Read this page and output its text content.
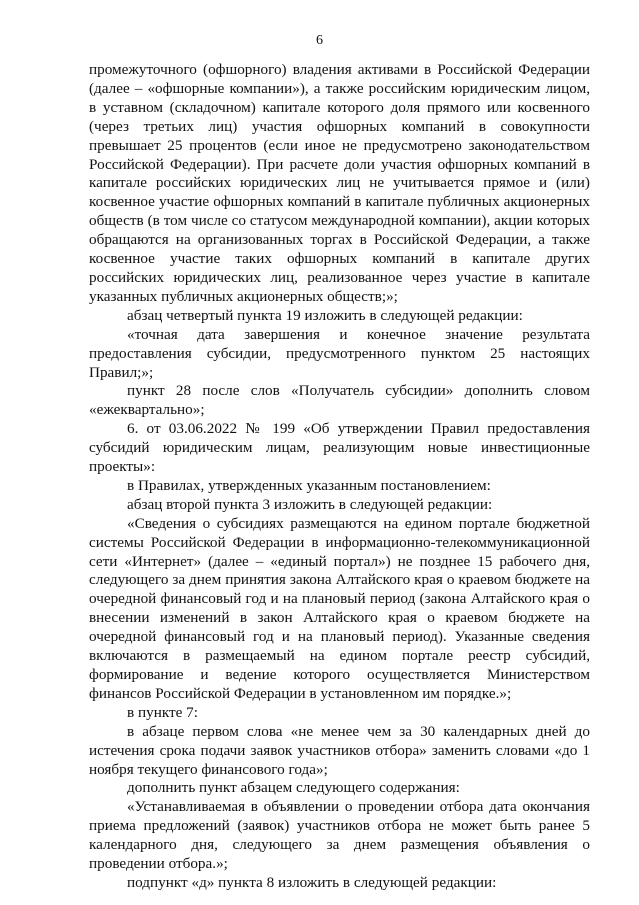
6

промежуточного (офшорного) владения активами в Российской Федерации (далее – «офшорные компании»), а также российским юридическим лицом, в уставном (складочном) капитале которого доля прямого или косвенного (через третьих лиц) участия офшорных компаний в совокупности превышает 25 процентов (если иное не предусмотрено законодательством Российской Федерации). При расчете доли участия офшорных компаний в капитале российских юридических лиц не учитывается прямое и (или) косвенное участие офшорных компаний в капитале публичных акционерных обществ (в том числе со статусом международной компании), акции которых обращаются на организованных торгах в Российской Федерации, а также косвенное участие таких офшорных компаний в капитале других российских юридических лиц, реализованное через участие в капитале указанных публичных акционерных обществ;»;

абзац четвертый пункта 19 изложить в следующей редакции:

«точная дата завершения и конечное значение результата предоставления субсидии, предусмотренного пунктом 25 настоящих Правил;»;

пункт 28 после слов «Получатель субсидии» дополнить словом «ежеквартально»;

6. от 03.06.2022 № 199 «Об утверждении Правил предоставления субсидий юридическим лицам, реализующим новые инвестиционные проекты»:

в Правилах, утвержденных указанным постановлением:

абзац второй пункта 3 изложить в следующей редакции:

«Сведения о субсидиях размещаются на едином портале бюджетной системы Российской Федерации в информационно-телекоммуникационной сети «Интернет» (далее – «единый портал») не позднее 15 рабочего дня, следующего за днем принятия закона Алтайского края о краевом бюджете на очередной финансовый год и на плановый период (закона Алтайского края о внесении изменений в закон Алтайского края о краевом бюджете на очередной финансовый год и на плановый период). Указанные сведения включаются в размещаемый на едином портале реестр субсидий, формирование и ведение которого осуществляется Министерством финансов Российской Федерации в установленном им порядке.»;

в пункте 7:

в абзаце первом слова «не менее чем за 30 календарных дней до истечения срока подачи заявок участников отбора» заменить словами «до 1 ноября текущего финансового года»;

дополнить пункт абзацем следующего содержания:

«Устанавливаемая в объявлении о проведении отбора дата окончания приема предложений (заявок) участников отбора не может быть ранее 5 календарного дня, следующего за днем размещения объявления о проведении отбора.»;

подпункт «д» пункта 8 изложить в следующей редакции:
